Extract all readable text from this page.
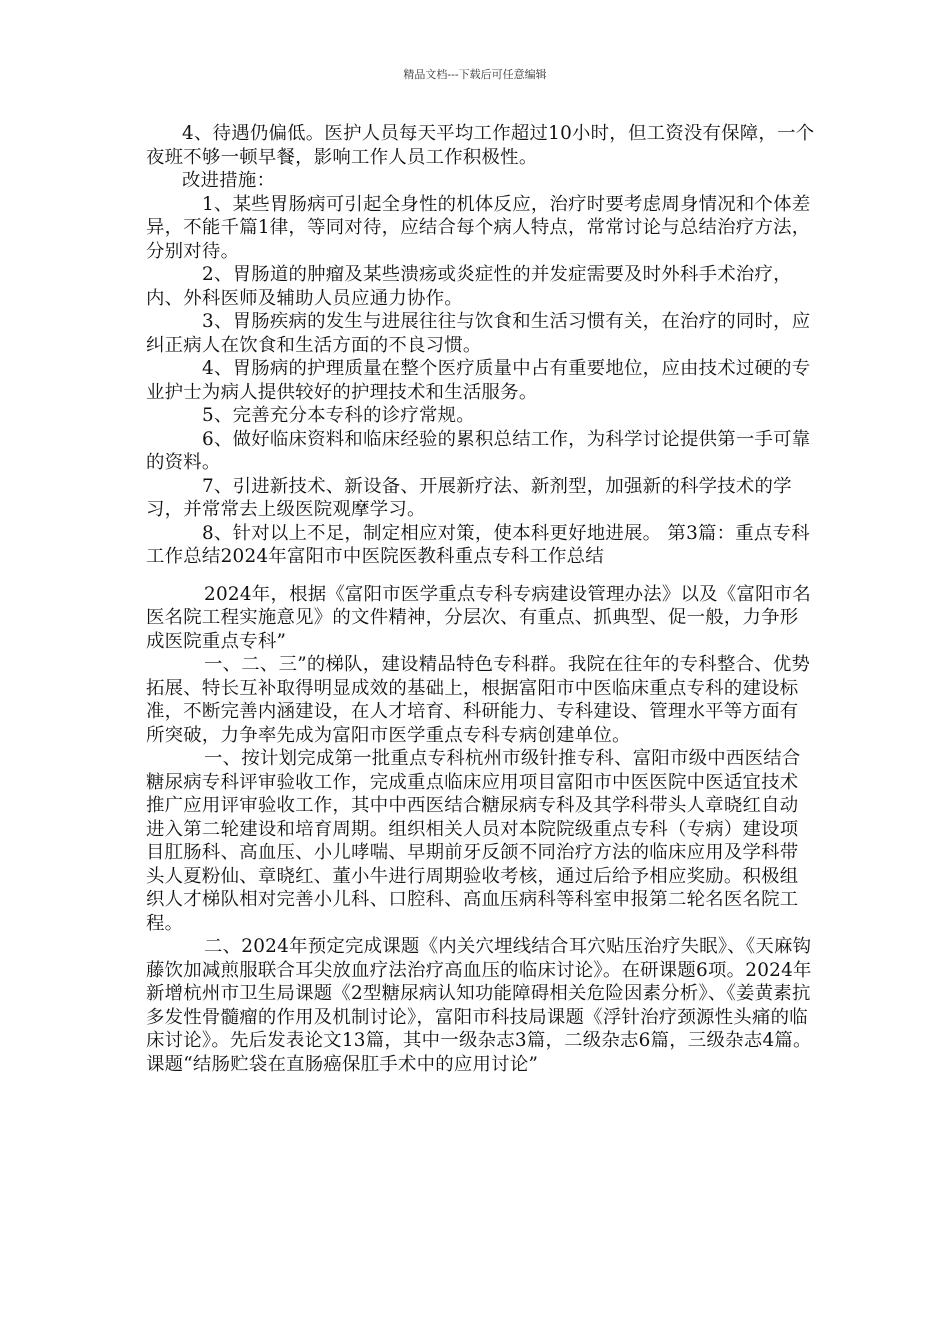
精品文档---下载后可任意编辑

4、待遇仍偏低。医护人员每天平均工作超过10小时，但工资没有保障，一个夜班不够一顿早餐，影响工作人员工作积极性。

改进措施：

1、某些胃肠病可引起全身性的机体反应，治疗时要考虑周身情况和个体差异，不能千篇1律，等同对待，应结合每个病人特点，常常讨论与总结治疗方法，分别对待。

2、胃肠道的肿瘤及某些溃疡或炎症性的并发症需要及时外科手术治疗，内、外科医师及辅助人员应通力协作。

3、胃肠疾病的发生与进展往往与饮食和生活习惯有关，在治疗的同时，应纠正病人在饮食和生活方面的不良习惯。

4、胃肠病的护理质量在整个医疗质量中占有重要地位，应由技术过硬的专业护士为病人提供较好的护理技术和生活服务。

5、完善充分本专科的诊疗常规。

6、做好临床资料和临床经验的累积总结工作，为科学讨论提供第一手可靠的资料。

7、引进新技术、新设备、开展新疗法、新剂型，加强新的科学技术的学习，并常常去上级医院观摩学习。

8、针对以上不足，制定相应对策，使本科更好地进展。 第3篇：重点专科工作总结2024年富阳市中医院医教科重点专科工作总结

2024年，根据《富阳市医学重点专科专病建设管理办法》以及《富阳市名医名院工程实施意见》的文件精神，分层次、有重点、抓典型、促一般，力争形成医院重点专科”

一、二、三”的梯队，建设精品特色专科群。我院在往年的专科整合、优势拓展、特长互补取得明显成效的基础上，根据富阳市中医临床重点专科的建设标准，不断完善内涵建设，在人才培育、科研能力、专科建设、管理水平等方面有所突破，力争率先成为富阳市医学重点专科专病创建单位。

一、按计划完成第一批重点专科杭州市级针推专科、富阳市级中西医结合糖尿病专科评审验收工作，完成重点临床应用项目富阳市中医医院中医适宜技术推广应用评审验收工作，其中中西医结合糖尿病专科及其学科带头人章晓红自动进入第二轮建设和培育周期。组织相关人员对本院院级重点专科（专病）建设项目肛肠科、高血压、小儿哮喘、早期前牙反颌不同治疗方法的临床应用及学科带头人夏粉仙、章晓红、董小牛进行周期验收考核，通过后给予相应奖励。积极组织人才梯队相对完善小儿科、口腔科、高血压病科等科室申报第二轮名医名院工程。

二、2024年预定完成课题《内关穴埋线结合耳穴贴压治疗失眠》、《天麻钩藤饮加减煎服联合耳尖放血疗法治疗高血压的临床讨论》。在研课题6项。2024年新增杭州市卫生局课题《2型糖尿病认知功能障碍相关危险因素分析》、《姜黄素抗多发性骨髓瘤的作用及机制讨论》，富阳市科技局课题《浮针治疗颈源性头痛的临床讨论》。先后发表论文13篇，其中一级杂志3篇，二级杂志6篇，三级杂志4篇。课题“结肠贮袋在直肠癌保肛手术中的应用讨论”
